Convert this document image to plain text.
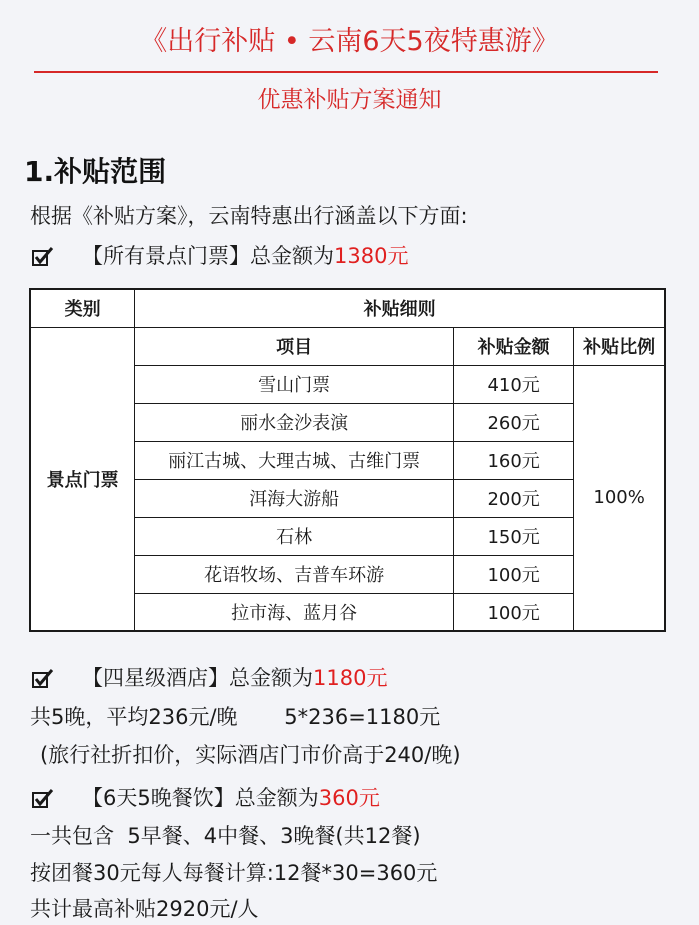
《出行补贴 • 云南6天5夜特惠游》
优惠补贴方案通知
1.补贴范围
根据《补贴方案》，云南特惠出行涵盖以下方面:
【所有景点门票】总金额为 1380元
类别	补贴细则		
景点门票	项目	补贴金额	补贴比例
	雪山门票	410元	100%
	丽水金沙表演	260元	
	丽江古城、大理古城、古维门票	160元	
	洱海大游船	200元	
	石林	150元	
	花语牧场、吉普车环游	100元	
	拉市海、蓝月谷	100元	
【四星级酒店】总金额为 1180元
共5晚，平均236元/晚       5*236=1180元
(旅行社折扣价，实际酒店门市价高于240/晚)
【6天5晚餐饮】总金额为 360元
一共包含  5早餐、4中餐、3晚餐(共12餐)
按团餐30元每人每餐计算:12餐*30=360元
共计最高补贴2920元/人
